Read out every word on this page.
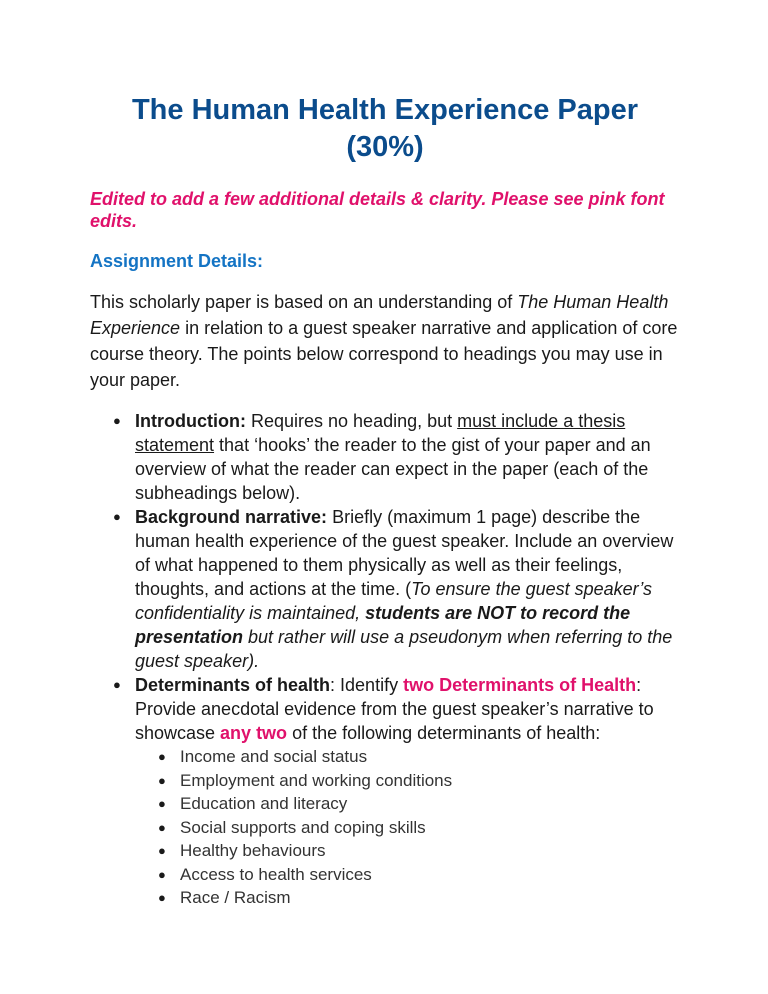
The Human Health Experience Paper
(30%)

Edited to add a few additional details & clarity. Please see pink font edits.

Assignment Details:

This scholarly paper is based on an understanding of The Human Health Experience in relation to a guest speaker narrative and application of core course theory. The points below correspond to headings you may use in your paper.

● Introduction: Requires no heading, but must include a thesis statement that ‘hooks’ the reader to the gist of your paper and an overview of what the reader can expect in the paper (each of the subheadings below).
● Background narrative: Briefly (maximum 1 page) describe the human health experience of the guest speaker. Include an overview of what happened to them physically as well as their feelings, thoughts, and actions at the time. (To ensure the guest speaker’s confidentiality is maintained, students are NOT to record the presentation but rather will use a pseudonym when referring to the guest speaker).
● Determinants of health: Identify two Determinants of Health: Provide anecdotal evidence from the guest speaker’s narrative to showcase any two of the following determinants of health:
● Income and social status
● Employment and working conditions
● Education and literacy
● Social supports and coping skills
● Healthy behaviours
● Access to health services
● Race / Racism
